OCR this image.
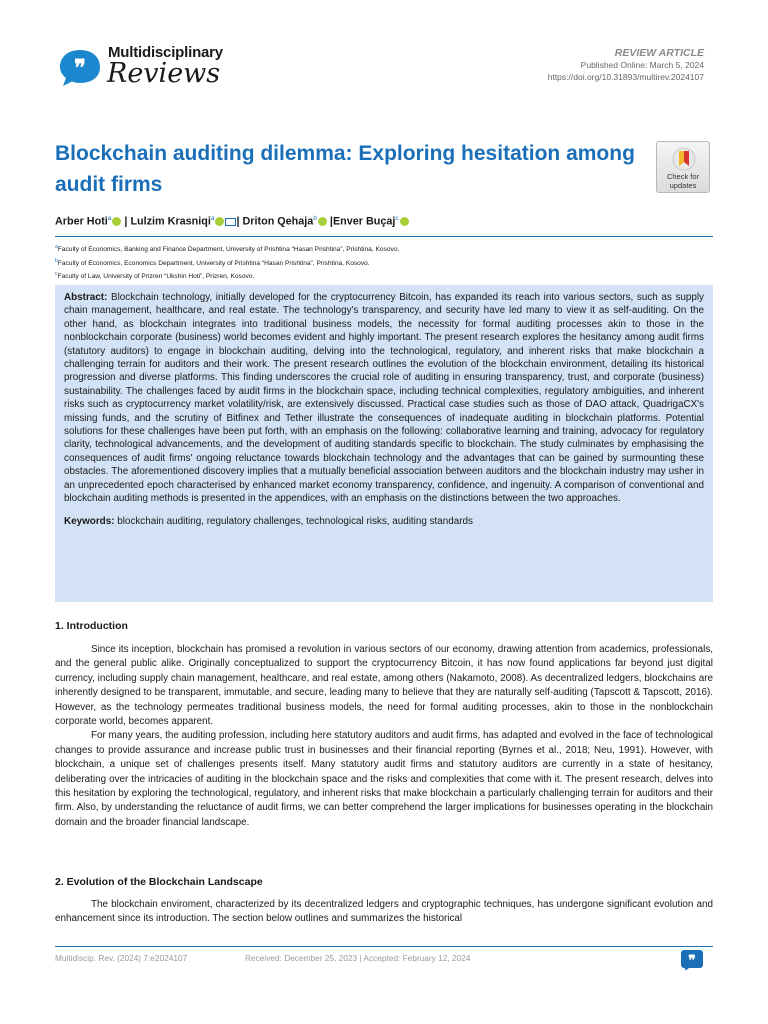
❞
Multidisciplinary
Reviews
REVIEW ARTICLE
Published Online: March 5, 2024
https://doi.org/10.31893/multirev.2024107
Blockchain auditing dilemma: Exploring hesitation among audit firms	Check for
updates
Arber Hoti$^a$ | Lulzim Krasniqi$^a$ | Driton Qehaja$^b$ |Enver Buçaj$^c$
$^a$Faculty of Economics, Banking and Finance Department, University of Prishtina “Hasan Prishtina”, Prishtina, Kosovo.
$^b$Faculty of Economics, Economics Department, University of Prishtina “Hasan Prishtina”, Prishtina, Kosovo.
$^c$Faculty of Law, University of Prizren “Ukshin Hoti”, Prizren, Kosovo.
Abstract: Blockchain technology, initially developed for the cryptocurrency Bitcoin, has expanded its reach into various sectors, such as supply chain management, healthcare, and real estate. The technology's transparency, and security have led many to view it as self-auditing. On the other hand, as blockchain integrates into traditional business models, the necessity for formal auditing processes akin to those in the nonblockchain corporate (business) world becomes evident and highly important. The present research explores the hesitancy among audit firms (statutory auditors) to engage in blockchain auditing, delving into the technological, regulatory, and inherent risks that make blockchain a challenging terrain for auditors and their work. The present research outlines the evolution of the blockchain environment, detailing its historical progression and diverse platforms. This finding underscores the crucial role of auditing in ensuring transparency, trust, and corporate (business) sustainability. The challenges faced by audit firms in the blockchain space, including technical complexities, regulatory ambiguities, and inherent risks such as cryptocurrency market volatility/risk, are extensively discussed. Practical case studies such as those of DAO attack, QuadrigaCX's missing funds, and the scrutiny of Bitfinex and Tether illustrate the consequences of inadequate auditing in blockchain platforms. Potential solutions for these challenges have been put forth, with an emphasis on the following: collaborative learning and training, advocacy for regulatory clarity, technological advancements, and the development of auditing standards specific to blockchain. The study culminates by emphasising the consequences of audit firms' ongoing reluctance towards blockchain technology and the advantages that can be gained by surmounting these obstacles. The aforementioned discovery implies that a mutually beneficial association between auditors and the blockchain industry may usher in an unprecedented epoch characterised by enhanced market economy transparency, confidence, and ingenuity. A comparison of conventional and blockchain auditing methods is presented in the appendices, with an emphasis on the distinctions between the two approaches.
Keywords: blockchain auditing, regulatory challenges, technological risks, auditing standards
1. Introduction

Since its inception, blockchain has promised a revolution in various sectors of our economy, drawing attention from academics, professionals, and the general public alike. Originally conceptualized to support the cryptocurrency Bitcoin, it has now found applications far beyond just digital currency, including supply chain management, healthcare, and real estate, among others (Nakamoto, 2008). As decentralized ledgers, blockchains are inherently designed to be transparent, immutable, and secure, leading many to believe that they are naturally self-auditing (Tapscott & Tapscott, 2016). However, as the technology permeates traditional business models, the need for formal auditing processes, akin to those in the nonblockchain corporate world, becomes apparent.

For many years, the auditing profession, including here statutory auditors and audit firms, has adapted and evolved in the face of technological changes to provide assurance and increase public trust in businesses and their financial reporting (Byrnes et al., 2018; Neu, 1991). However, with blockchain, a unique set of challenges presents itself. Many statutory audit firms and statutory auditors are currently in a state of hesitancy, deliberating over the intricacies of auditing in the blockchain space and the risks and complexities that come with it. The present research, delves into this hesitation by exploring the technological, regulatory, and inherent risks that make blockchain a particularly challenging terrain for auditors and their firm. Also, by understanding the reluctance of audit firms, we can better comprehend the larger implications for businesses operating in the blockchain domain and the broader financial landscape.

2. Evolution of the Blockchain Landscape

The blockchain enviroment, characterized by its decentralized ledgers and cryptographic techniques, has undergone significant evolution and enhancement since its introduction. The section below outlines and summarizes the historical

Multidiscip. Rev. (2024) 7:e2024107	Received: December 25, 2023 | Accepted: February 12, 2024	❞
